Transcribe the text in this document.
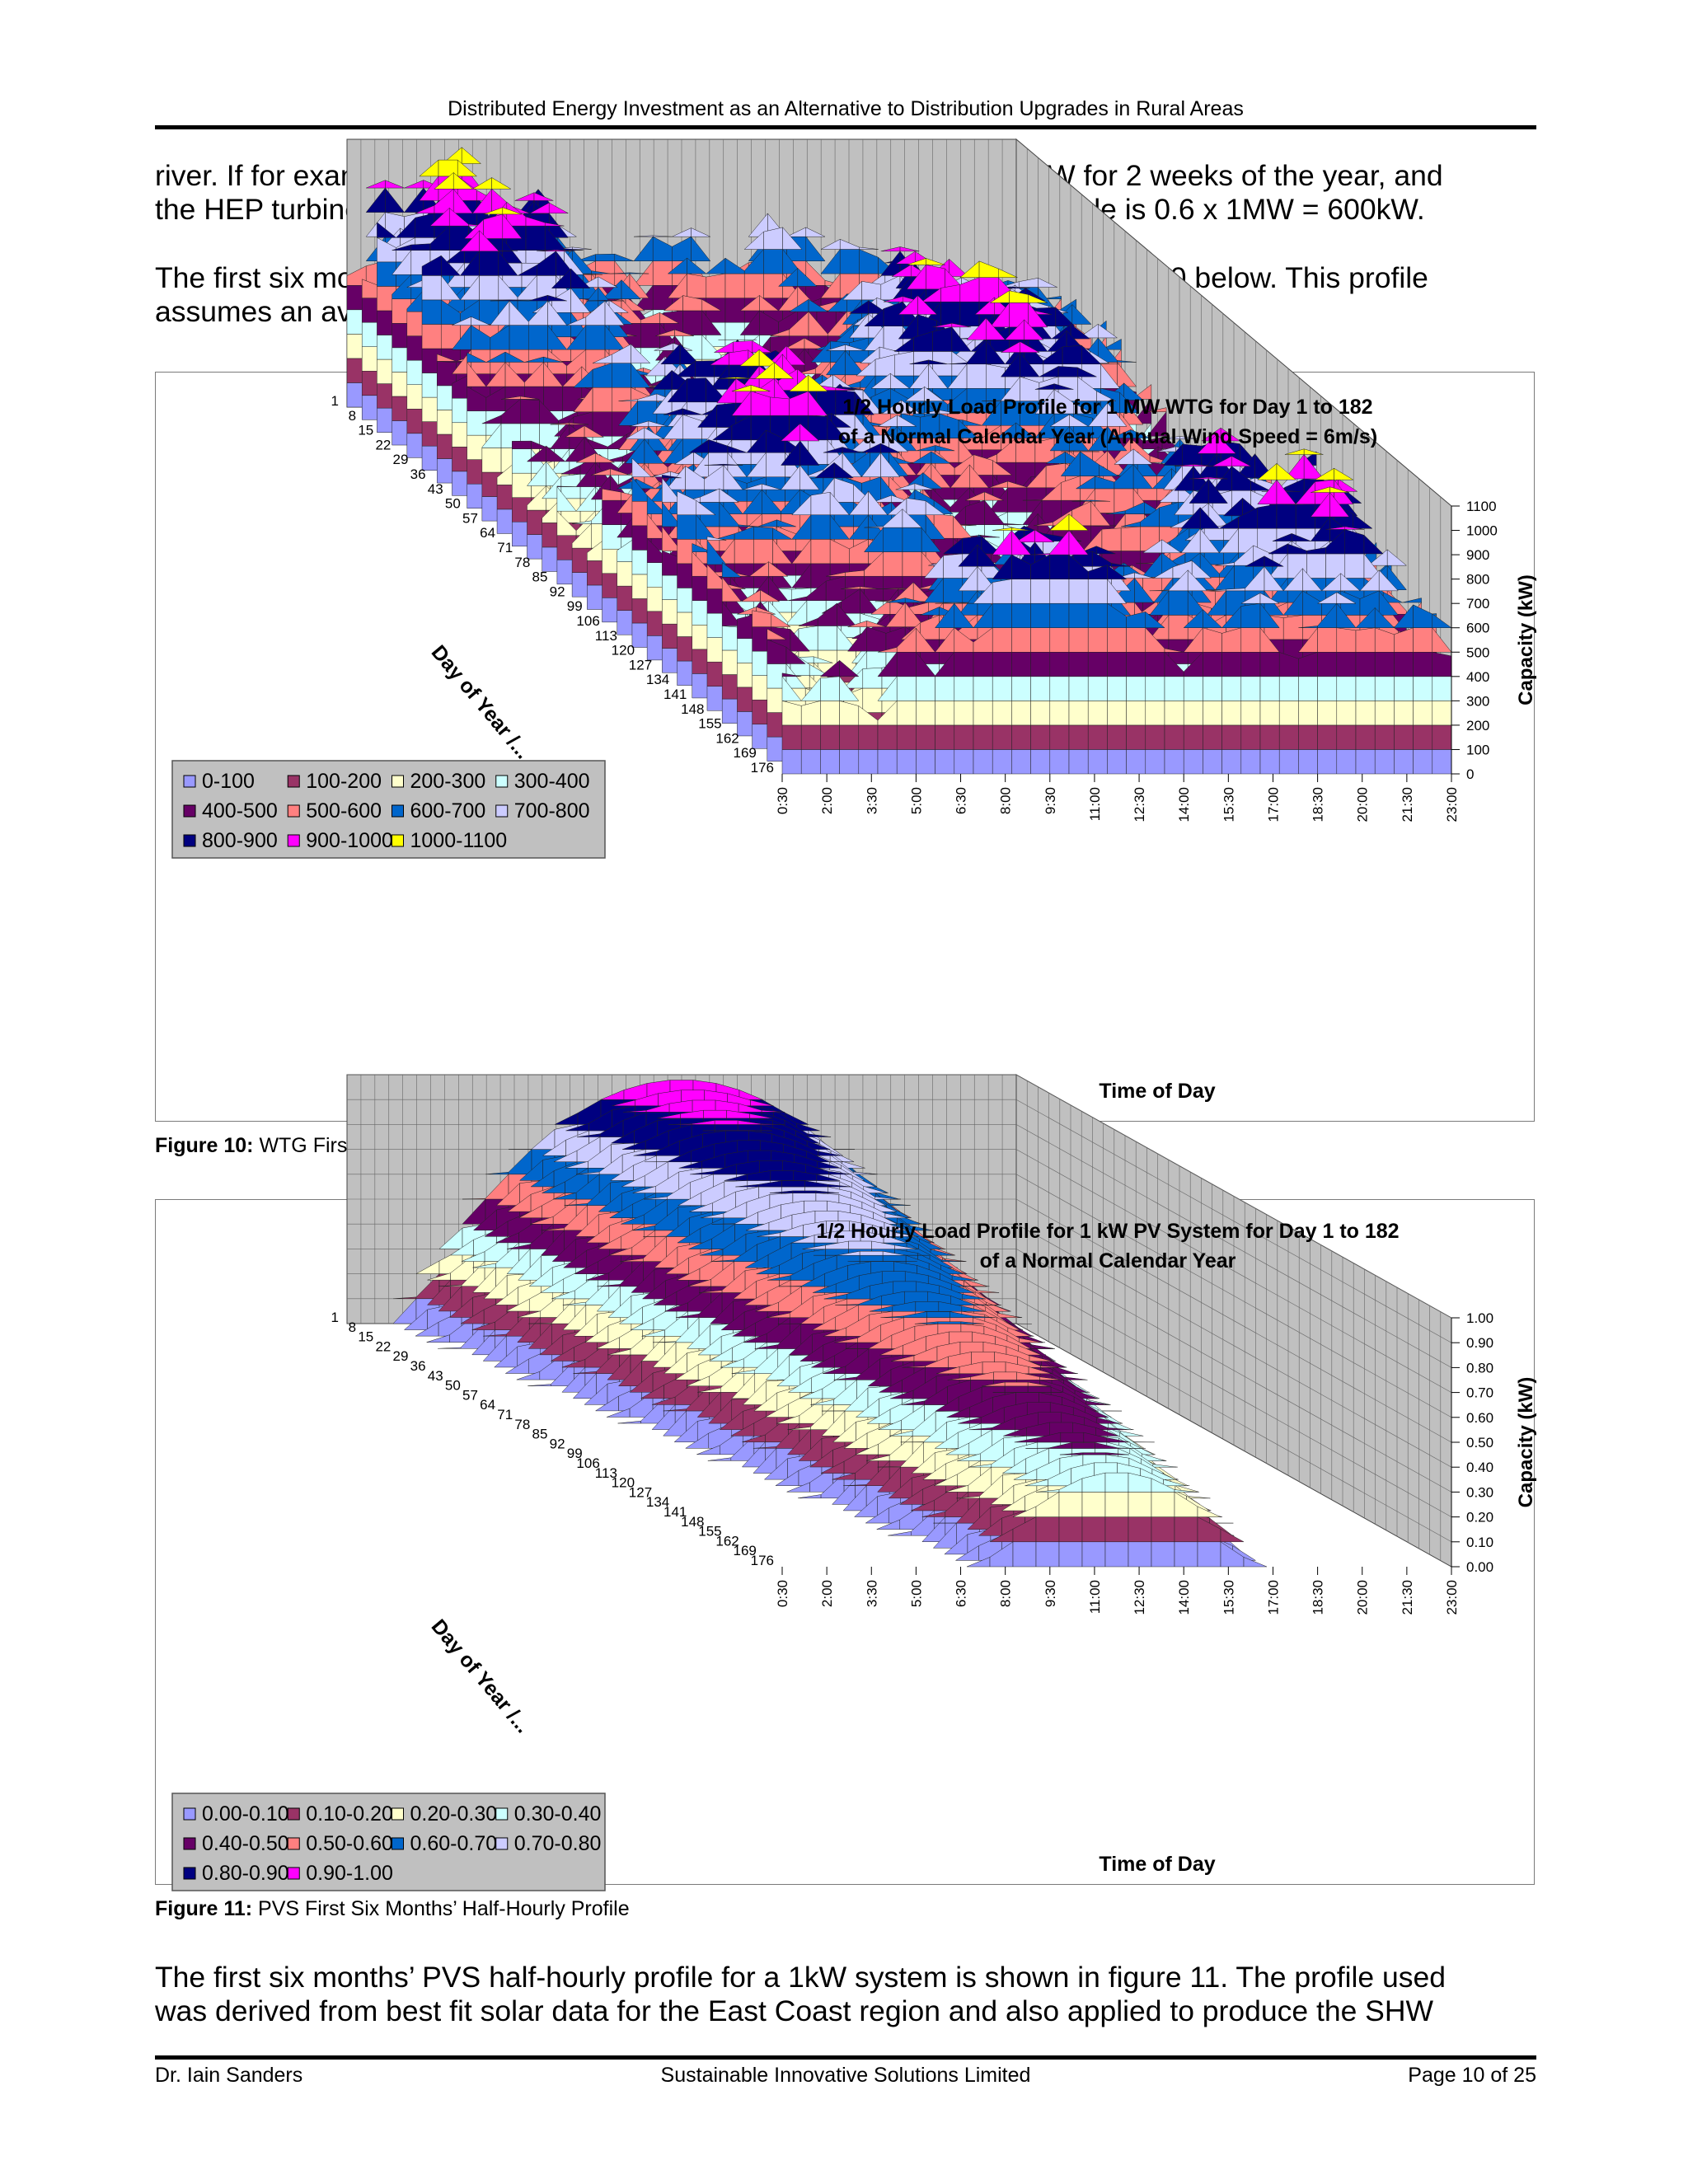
Distributed Energy Investment as an Alternative to Distribution Upgrades in Rural Areas
river. If for for 2 weeks of the year, and
the HEP turbine is 0.6 x 1MW = 600kW.
The first six below. This profile
assumes an
1/2 Hourly Load Profile for 1 MW WTG for Day 1 to 182
of a Normal Calendar Year (Annual Wind Speed = 6m/s)
0
100
200
300
400
500
600
700
800
900
1000
1100
Capacity (kW)
0:30 2:00 3:30 5:00 6:30 8:00 9:30 11:00 12:30 14:00 15:30 17:00 18:30 20:00 21:30 23:00
Time of Day
1
8
15
22
29
36
43
50
57
64
71
78
85
92
99
106
113
120
127
134
141
148
155
162
169
176
Day of Year /...
0-100 100-200 200-300 300-400
400-500 500-600 600-700 700-800
800-900 900-1000 1000-1100
Figure 10: WTG First
1/2 Hourly Load Profile for 1 kW PV System for Day 1 to 182
of a Normal Calendar Year
0.00
0.10
0.20
0.30
0.40
0.50
0.60
0.70
0.80
0.90
1.00
Capacity (kW)
0:30 2:00 3:30 5:00 6:30 8:00 9:30 11:00 12:30 14:00 15:30 17:00 18:30 20:00 21:30 23:00
Time of Day
1
8
15
22
29
36
43
50
57
64
71
78
85
92
99
106
113
120
127
134
141
148
155
162
169
176
Day of Year /...
0.00-0.10 0.10-0.20 0.20-0.30 0.30-0.40
0.40-0.50 0.50-0.60 0.60-0.70 0.70-0.80
0.80-0.90 0.90-1.00
Figure 11: PVS First Six Months’ Half-Hourly Profile
The first six months’ PVS half-hourly profile for a 1kW system is shown in figure 11. The profile used
was derived from best fit solar data for the East Coast region and also applied to produce the SHW
Dr. Iain Sanders	Sustainable Innovative Solutions Limited	Page 10 of 25
